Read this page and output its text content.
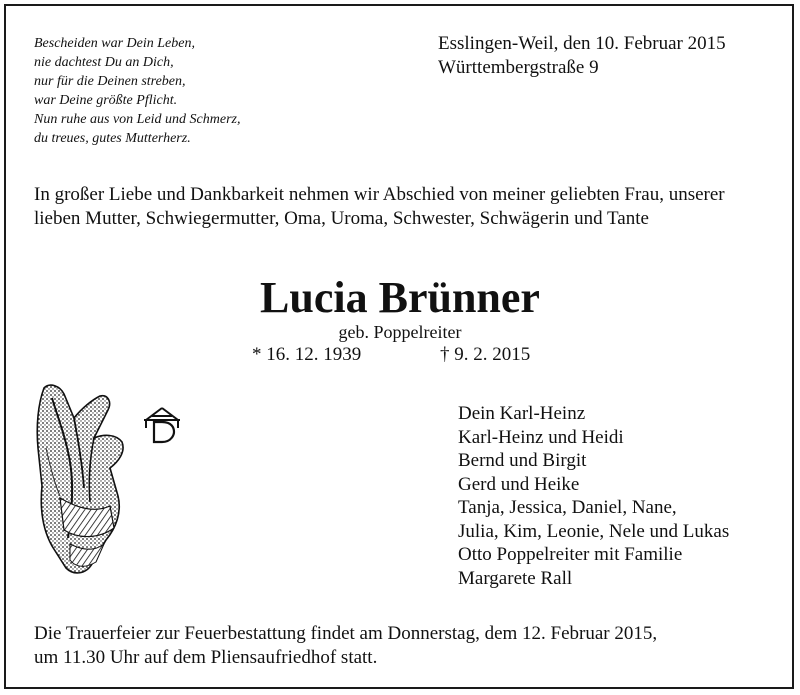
Bescheiden war Dein Leben,
nie dachtest Du an Dich,
nur für die Deinen streben,
war Deine größte Pflicht.
Nun ruhe aus von Leid und Schmerz,
du treues, gutes Mutterherz.
Esslingen-Weil, den 10. Februar 2015
Württembergstraße 9
In großer Liebe und Dankbarkeit nehmen wir Abschied von meiner geliebten Frau, unserer lieben Mutter, Schwiegermutter, Oma, Uroma, Schwester, Schwägerin und Tante
Lucia Brünner
geb. Poppelreiter
* 16. 12. 1939	† 9. 2. 2015
Dein Karl-Heinz
Karl-Heinz und Heidi
Bernd und Birgit
Gerd und Heike
Tanja, Jessica, Daniel, Nane,
Julia, Kim, Leonie, Nele und Lukas
Otto Poppelreiter mit Familie
Margarete Rall
Die Trauerfeier zur Feuerbestattung findet am Donnerstag, dem 12. Februar 2015,
um 11.30 Uhr auf dem Pliensaufriedhof statt.
